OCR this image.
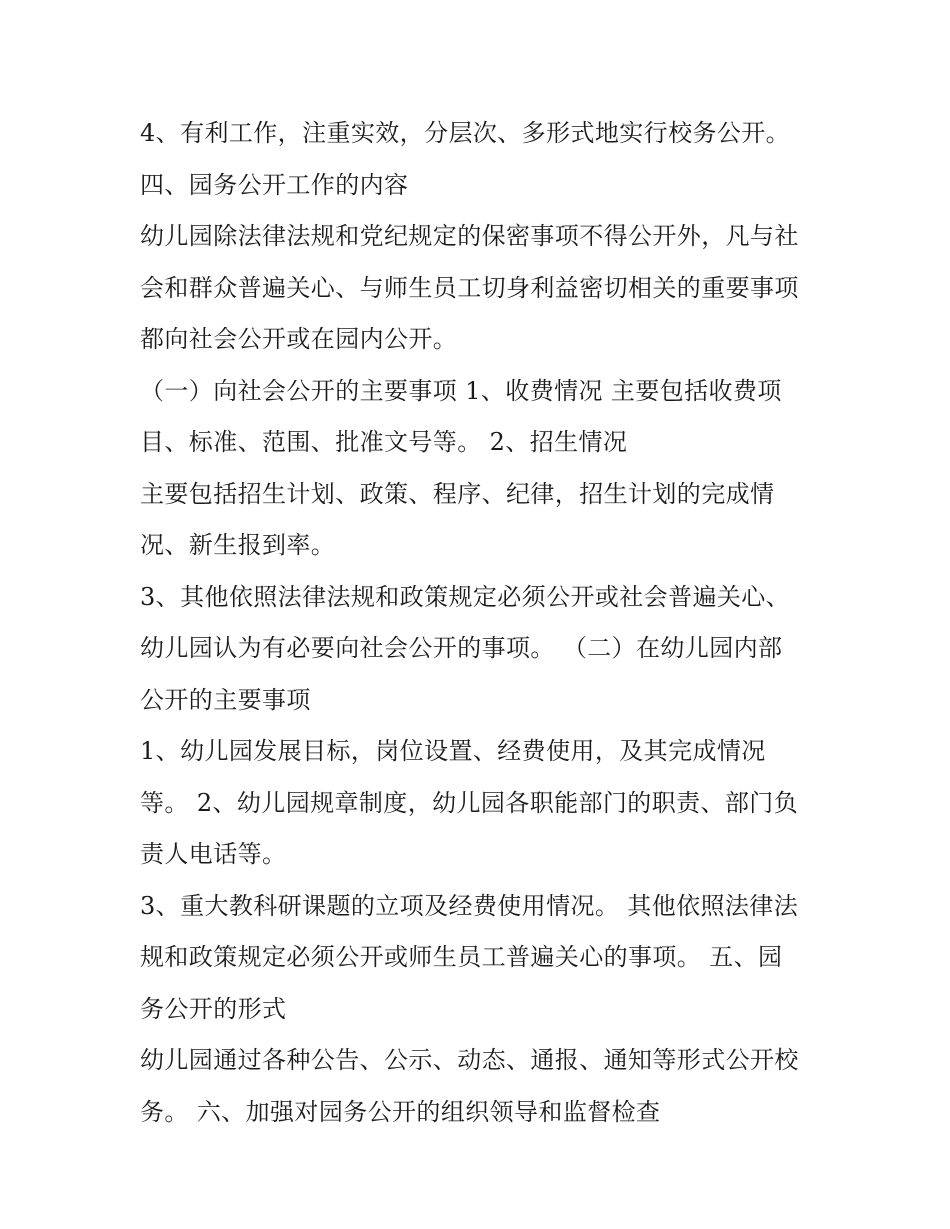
4、有利工作，注重实效，分层次、多形式地实行校务公开。
四、园务公开工作的内容
幼儿园除法律法规和党纪规定的保密事项不得公开外，凡与社
会和群众普遍关心、与师生员工切身利益密切相关的重要事项
都向社会公开或在园内公开。
（一）向社会公开的主要事项 1、收费情况 主要包括收费项
目、标准、范围、批准文号等。 2、招生情况
主要包括招生计划、政策、程序、纪律，招生计划的完成情
况、新生报到率。
3、其他依照法律法规和政策规定必须公开或社会普遍关心、
幼儿园认为有必要向社会公开的事项。 （二）在幼儿园内部
公开的主要事项
1、幼儿园发展目标，岗位设置、经费使用，及其完成情况
等。 2、幼儿园规章制度，幼儿园各职能部门的职责、部门负
责人电话等。
3、重大教科研课题的立项及经费使用情况。 其他依照法律法
规和政策规定必须公开或师生员工普遍关心的事项。 五、园
务公开的形式
幼儿园通过各种公告、公示、动态、通报、通知等形式公开校
务。 六、加强对园务公开的组织领导和监督检查
